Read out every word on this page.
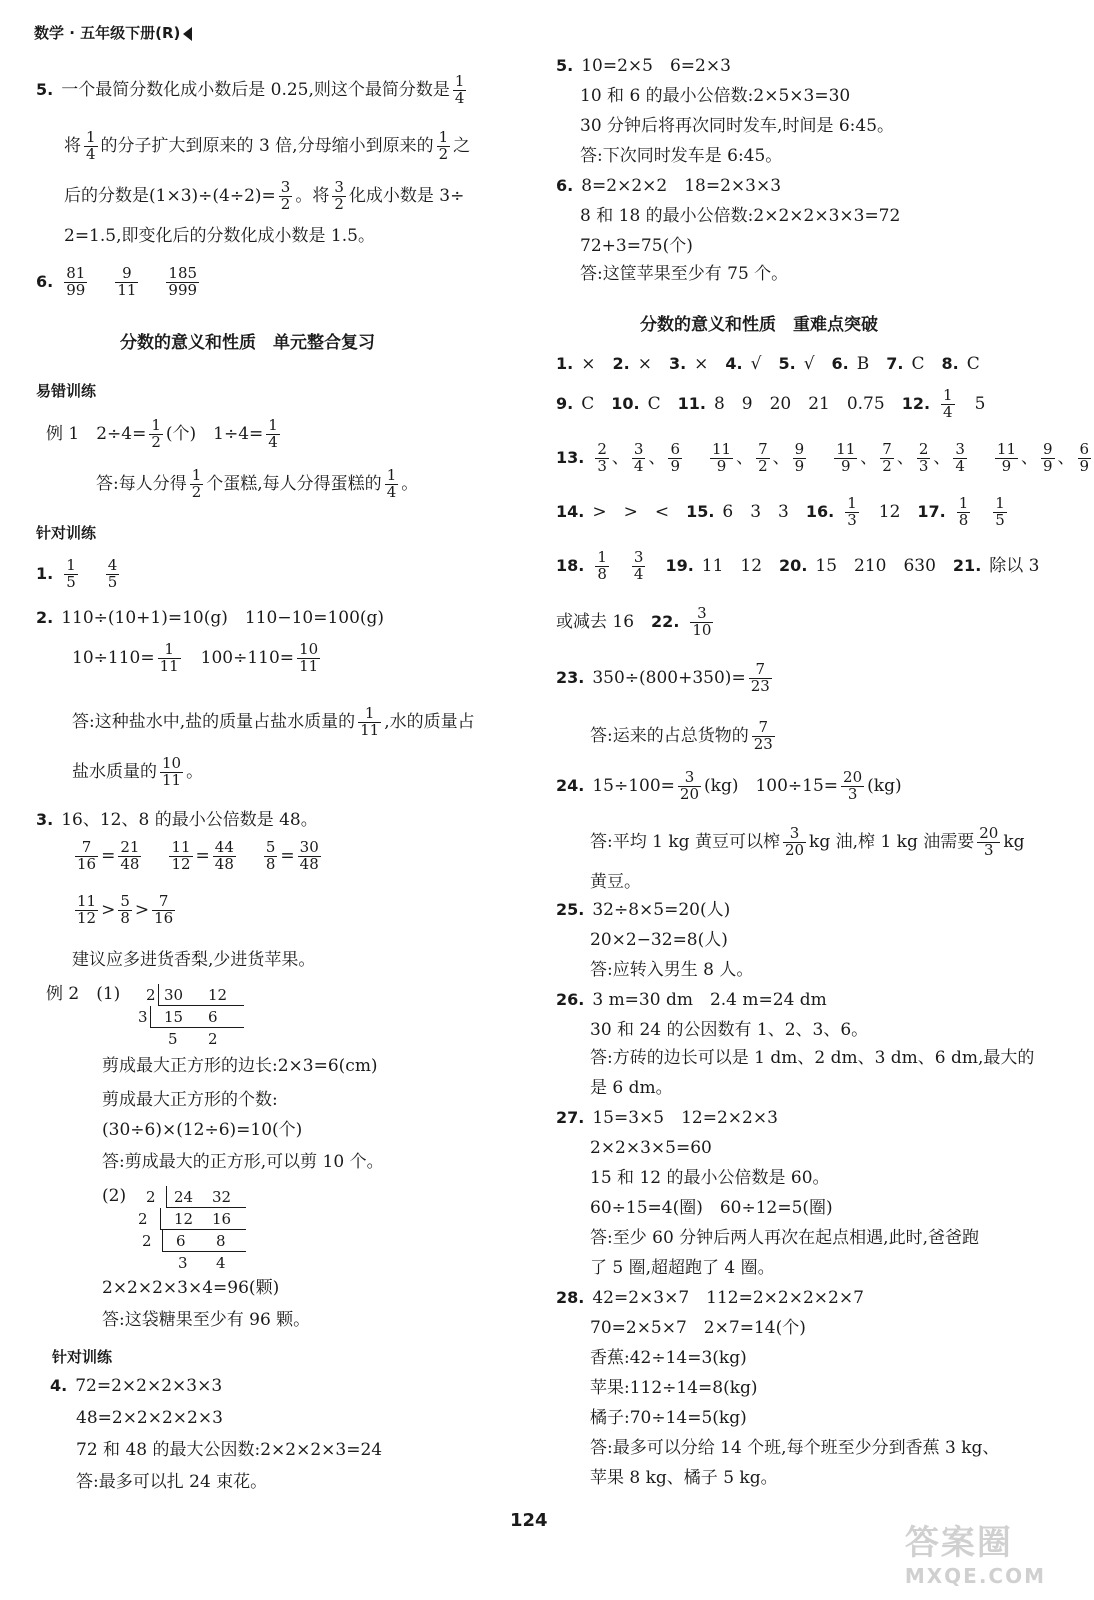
数学 · 五年级下册(R)
5. 一个最简分数化成小数后是 0.25,则这个最简分数是 $\frac{1}{4}$
将 $\frac{1}{4}$ 的分子扩大到原来的 3 倍,分母缩小到原来的 $\frac{1}{2}$ 之
后的分数是$(1\times 3)\div(4\div 2)= \frac{3}{2}$ 。将 $\frac{3}{2}$ 化成小数是 3÷
2=1.5,即变化后的分数化成小数是 1.5。
6. $\frac{81}{99} \frac{9}{11} \frac{185}{999}$
分数的意义和性质　单元整合复习
易错训练
例 1　 $2\div 4= \frac{1}{2}$ (个)　 $1\div 4= \frac{1}{4}$
答:每人分得 $\frac{1}{2}$ 个蛋糕,每人分得蛋糕的 $\frac{1}{4}$ 。
针对训练
1. $\frac{1}{5} \frac{4}{5}$
2. 110÷(10+1)=10(g)　110−10=100(g)
$10\div 110= \frac{1}{11}$
　 $100\div 110= \frac{10}{11}$
答:这种盐水中,盐的质量占盐水质量的 $\frac{1}{11}$ ,水的质量占
盐水质量的 $\frac{10}{11}$ 。
3. 16、12、8 的最小公倍数是 48。
$\frac{7}{16} = \frac{21}{48} \frac{11}{12} = \frac{44}{48} \frac{5}{8} = \frac{30}{48}$
$\frac{11}{12} > \frac{5}{8} > \frac{7}{16}$
建议应多进货香梨,少进货苹果。
例 2　 (1) 2 30 12
3 15 6
5 2
剪成最大正方形的边长:2×3=6(cm)
剪成最大正方形的个数:
(30÷6)×(12÷6)=10(个)
答:剪成最大的正方形,可以剪 10 个。
(2) 2 24 32
2 12 16
2 6 8
3 4
2×2×2×3×4=96(颗)
答:这袋糖果至少有 96 颗。
针对训练
4. 72=2×2×2×3×3
48=2×2×2×2×3
72 和 48 的最大公因数:2×2×2×3=24
答:最多可以扎 24 束花。
5. 10=2×5　6=2×3
10 和 6 的最小公倍数:2×5×3=30
30 分钟后将再次同时发车,时间是 6:45。
答:下次同时发车是 6:45。
6. 8=2×2×2　18=2×3×3
8 和 18 的最小公倍数:2×2×2×3×3=72
72+3=75(个)
答:这筐苹果至少有 75 个。
分数的意义和性质　重难点突破
1. ×　 2. ×　 3. ×　 4. √　 5. √　 6. B　 7. C　 8. C
9. C　 10. C　 11. 8　9　20　21　0.75　 12. $\frac{1}{4}$
　 5
13. $\frac{2}{3}$ 、 $\frac{3}{4}$ 、 $\frac{6}{9} \frac{11}{9}$ 、 $\frac{7}{2}$ 、 $\frac{9}{9} \frac{11}{9}$ 、 $\frac{7}{2}$ 、 $\frac{2}{3}$ 、 $\frac{3}{4} \frac{11}{9}$ 、 $\frac{9}{9}$ 、 $\frac{6}{9}$
14. >　>　<　 15. 6　3　3　 16. $\frac{1}{3}$
　 12　 17. $\frac{1}{8}$
　 $\frac{1}{5}$
18. $\frac{1}{8}$
　 $\frac{3}{4}$
　 19. 11　12　 20. 15　210　630　 21. 除以 3
或减去 16　 22. $\frac{3}{10}$
23. $350\div(800+350)= \frac{7}{23}$
答:运来的占总货物的 $\frac{7}{23}$
24. $15\div 100= \frac{3}{20} (kg)$　$100\div 15= \frac{20}{3} (kg)$
答:平均 1 kg 黄豆可以榨 $\frac{3}{20}$ kg 油,榨 1 kg 油需要 $\frac{20}{3}$ kg
黄豆。
25. 32÷8×5=20(人)
20×2−32=8(人)
答:应转入男生 8 人。
26. 3 m=30 dm　2.4 m=24 dm
30 和 24 的公因数有 1、2、3、6。
答:方砖的边长可以是 1 dm、2 dm、3 dm、6 dm,最大的
是 6 dm。
27. 15=3×5　12=2×2×3
2×2×3×5=60
15 和 12 的最小公倍数是 60。
60÷15=4(圈)　60÷12=5(圈)
答:至少 60 分钟后两人再次在起点相遇,此时,爸爸跑
了 5 圈,超超跑了 4 圈。
28. 42=2×3×7　112=2×2×2×2×7
70=2×5×7　2×7=14(个)
香蕉:42÷14=3(kg)
苹果:112÷14=8(kg)
橘子:70÷14=5(kg)
答:最多可以分给 14 个班,每个班至少分到香蕉 3 kg、
苹果 8 kg、橘子 5 kg。
124
答案圈
MXQE.COM
